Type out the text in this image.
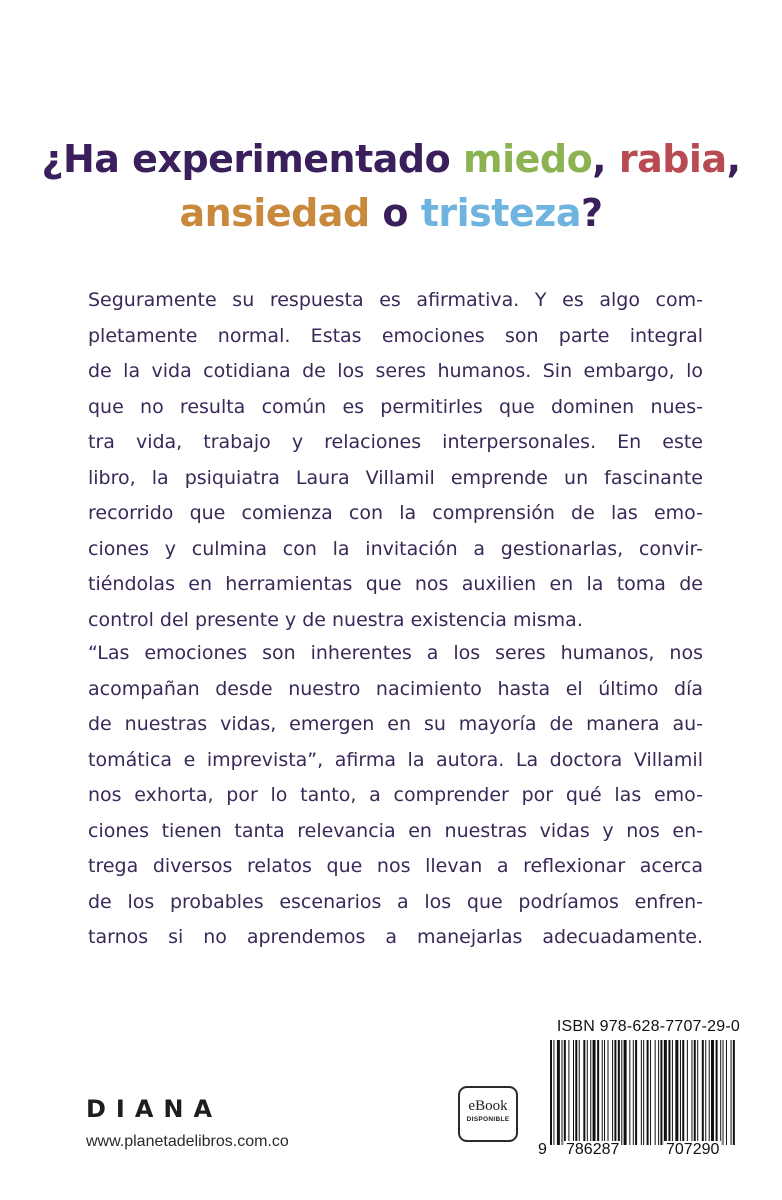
¿Ha experimentado miedo, rabia,
ansiedad o tristeza?
Seguramente su respuesta es afirmativa. Y es algo com-
pletamente normal. Estas emociones son parte integral
de la vida cotidiana de los seres humanos. Sin embargo, lo
que no resulta común es permitirles que dominen nues-
tra vida, trabajo y relaciones interpersonales. En este
libro, la psiquiatra Laura Villamil emprende un fascinante
recorrido que comienza con la comprensión de las emo-
ciones y culmina con la invitación a gestionarlas, convir-
tiéndolas en herramientas que nos auxilien en la toma de
control del presente y de nuestra existencia misma.
“Las emociones son inherentes a los seres humanos, nos
acompañan desde nuestro nacimiento hasta el último día
de nuestras vidas, emergen en su mayoría de manera au-
tomática e imprevista”, afirma la autora. La doctora Villamil
nos exhorta, por lo tanto, a comprender por qué las emo-
ciones tienen tanta relevancia en nuestras vidas y nos en-
trega diversos relatos que nos llevan a reflexionar acerca
de los probables escenarios a los que podríamos enfren-
tarnos si no aprendemos a manejarlas adecuadamente.
ISBN 978-628-7707-29-0
9 786287	707290
eBook
DISPONIBLE
DIANA
www.planetadelibros.com.co
